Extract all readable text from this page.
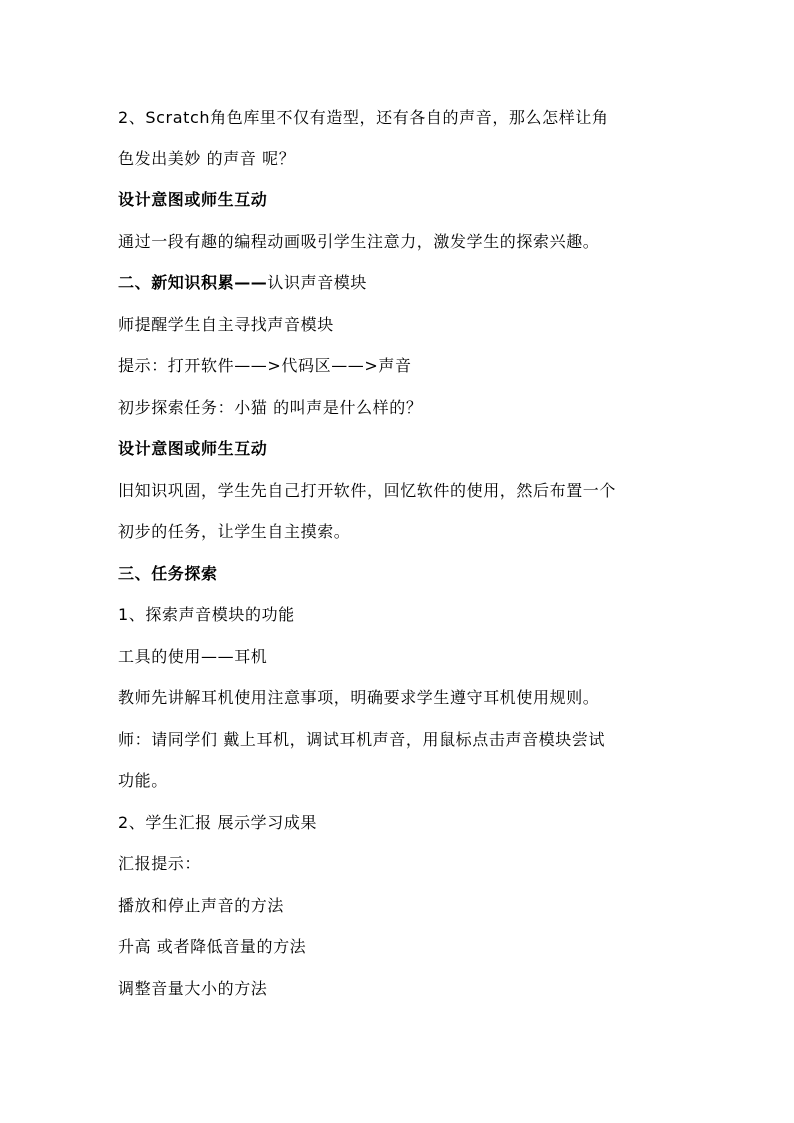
2、Scratch角色库里不仅有造型，还有各自的声音，那么怎样让角
色发出美妙 的声音 呢？
设计意图或师生互动
通过一段有趣的编程动画吸引学生注意力，激发学生的探索兴趣。
二、新知识积累——认识声音模块
师提醒学生自主寻找声音模块
提示：打开软件——>代码区——>声音
初步探索任务：小猫 的叫声是什么样的？
设计意图或师生互动
旧知识巩固，学生先自己打开软件，回忆软件的使用，然后布置一个
初步的任务，让学生自主摸索。
三、任务探索
1、探索声音模块的功能
工具的使用——耳机
教师先讲解耳机使用注意事项，明确要求学生遵守耳机使用规则。
师：请同学们 戴上耳机，调试耳机声音，用鼠标点击声音模块尝试
功能。
2、学生汇报 展示学习成果
汇报提示：
播放和停止声音的方法
升高 或者降低音量的方法
调整音量大小的方法
